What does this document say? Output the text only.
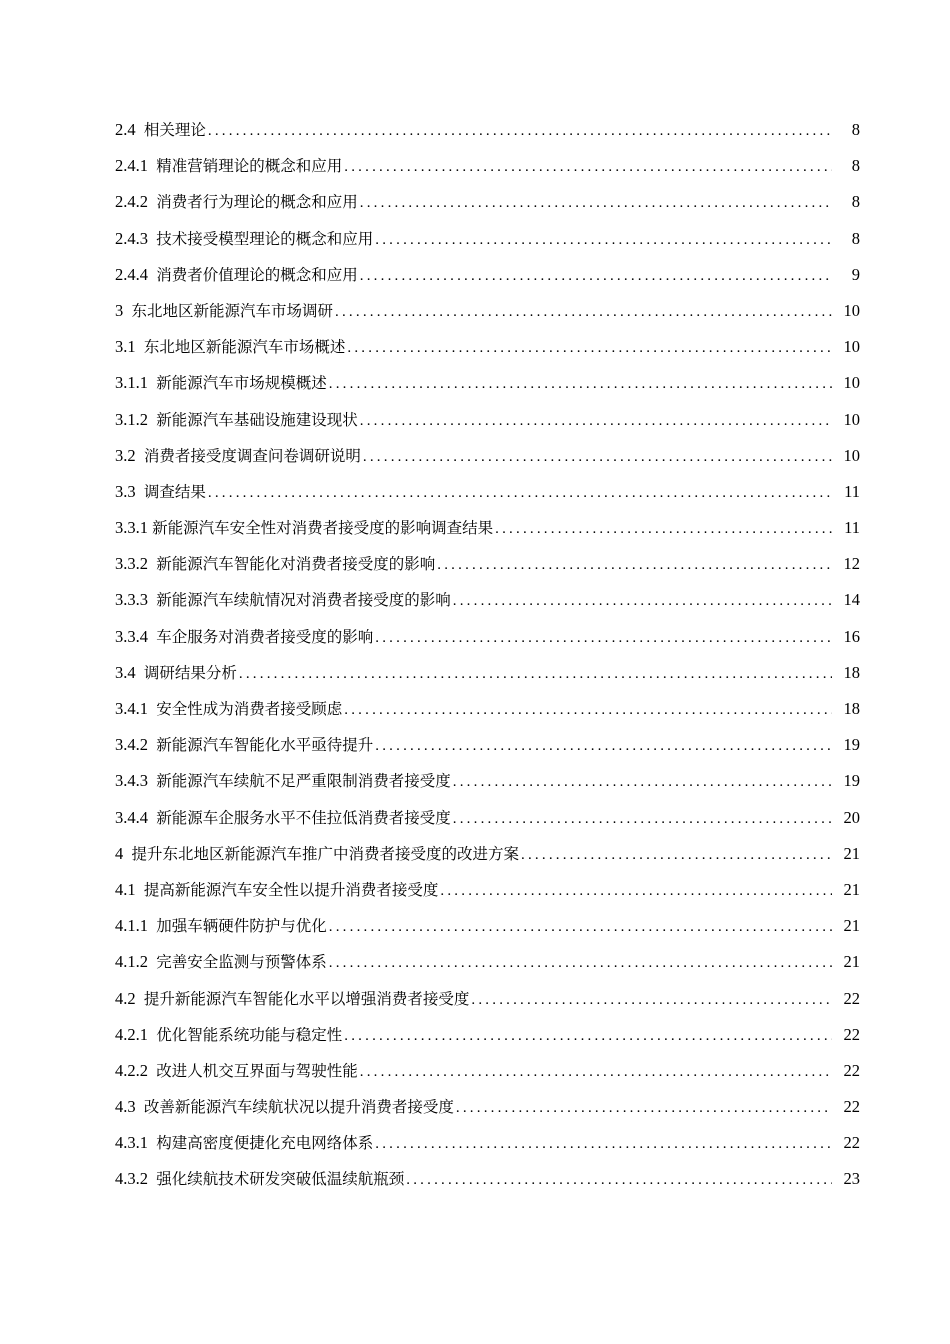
2.4
相关理论 .....	8
2.4.1
精准营销理论的概念和应用 .....	8
2.4.2
消费者行为理论的概念和应用 .....	8
2.4.3
技术接受模型理论的概念和应用 .....	8
2.4.4
消费者价值理论的概念和应用 .....	9
3
东北地区新能源汽车市场调研 .....	10
3.1
东北地区新能源汽车市场概述 .....	10
3.1.1
新能源汽车市场规模概述 .....	10
3.1.2
新能源汽车基础设施建设现状 .....	10
3.2
消费者接受度调查问卷调研说明 .....	10
3.3
调查结果 .....	11
3.3.1
新能源汽车安全性对消费者接受度的影响调查结果 .....	11
3.3.2
新能源汽车智能化对消费者接受度的影响 .....	12
3.3.3
新能源汽车续航情况对消费者接受度的影响 .....	14
3.3.4
车企服务对消费者接受度的影响 .....	16
3.4
调研结果分析 .....	18
3.4.1
安全性成为消费者接受顾虑 .....	18
3.4.2
新能源汽车智能化水平亟待提升 .....	19
3.4.3
新能源汽车续航不足严重限制消费者接受度 .....	19
3.4.4
新能源车企服务水平不佳拉低消费者接受度 .....	20
4
提升东北地区新能源汽车推广中消费者接受度的改进方案 .....	21
4.1
提高新能源汽车安全性以提升消费者接受度 .....	21
4.1.1
加强车辆硬件防护与优化 .....	21
4.1.2
完善安全监测与预警体系 .....	21
4.2
提升新能源汽车智能化水平以增强消费者接受度 .....	22
4.2.1
优化智能系统功能与稳定性 .....	22
4.2.2
改进人机交互界面与驾驶性能 .....	22
4.3
改善新能源汽车续航状况以提升消费者接受度 .....	22
4.3.1
构建高密度便捷化充电网络体系 .....	22
4.3.2
强化续航技术研发突破低温续航瓶颈 .....	23
